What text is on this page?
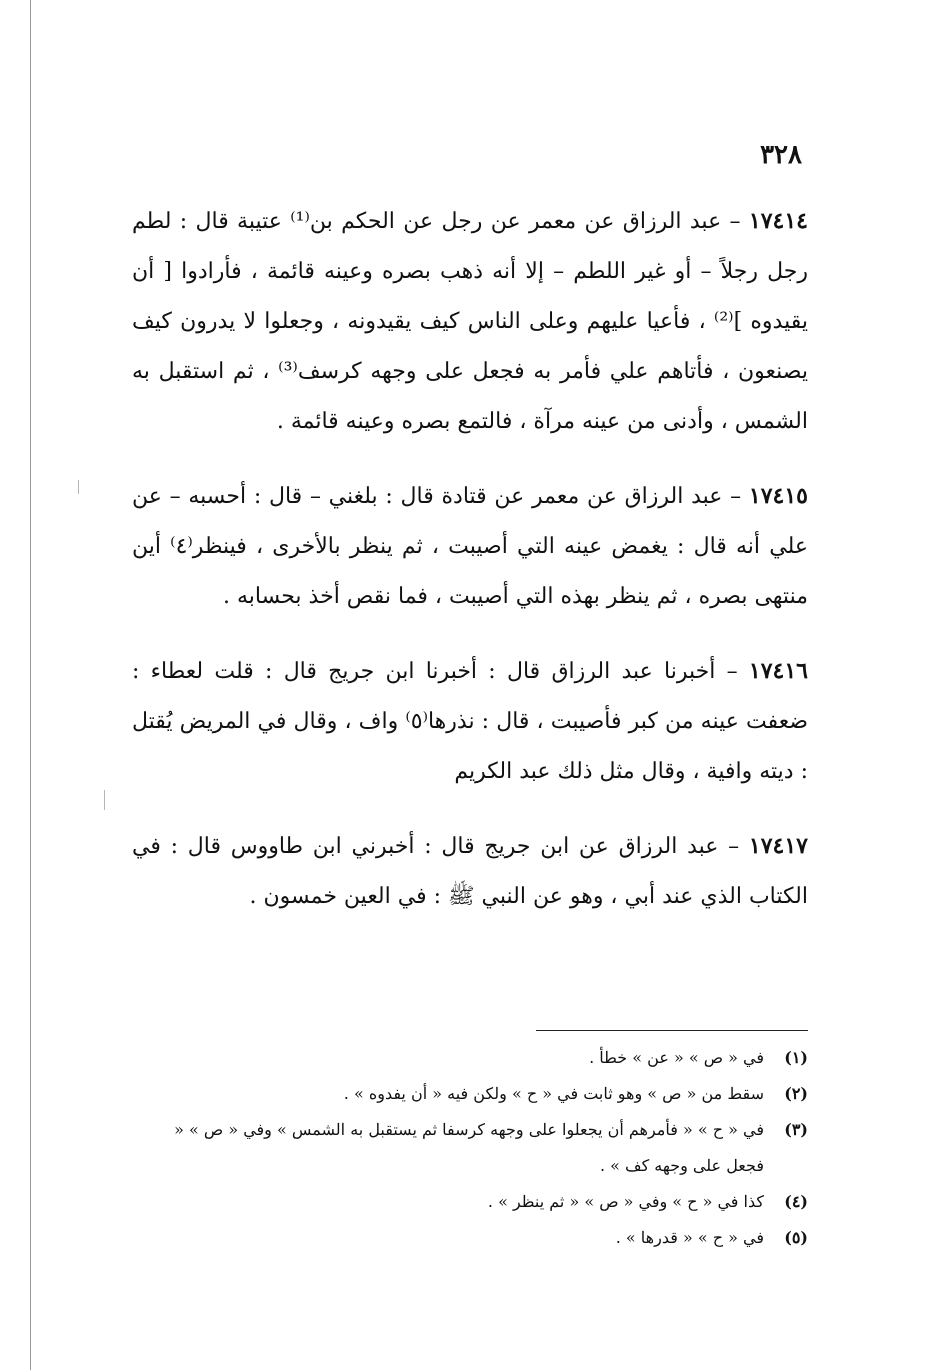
٣٢٨

١٧٤١٤ – عبد الرزاق عن معمر عن رجل عن الحكم بن⁽¹⁾ عتيبة قال : لطم رجل رجلاً – أو غير اللطم – إلا أنه ذهب بصره وعينه قائمة ، فأرادوا [ أن يقيدوه ]⁽²⁾ ، فأعيا عليهم وعلى الناس كيف يقيدونه ، وجعلوا لا يدرون كيف يصنعون ، فأتاهم علي فأمر به فجعل على وجهه كرسف⁽³⁾ ، ثم استقبل به الشمس ، وأدنى من عينه مرآة ، فالتمع بصره وعينه قائمة .

١٧٤١٥ – عبد الرزاق عن معمر عن قتادة قال : بلغني – قال : أحسبه – عن علي أنه قال : يغمض عينه التي أصيبت ، ثم ينظر بالأخرى ، فينظر⁽٤⁾ أين منتهى بصره ، ثم ينظر بهذه التي أصيبت ، فما نقص أخذ بحسابه .

١٧٤١٦ – أخبرنا عبد الرزاق قال : أخبرنا ابن جريج قال : قلت لعطاء : ضعفت عينه من كبر فأصيبت ، قال : نذرها⁽٥⁾ واف ، وقال في المريض يُقتل : ديته وافية ، وقال مثل ذلك عبد الكريم

١٧٤١٧ – عبد الرزاق عن ابن جريج قال : أخبرني ابن طاووس قال : في الكتاب الذي عند أبي ، وهو عن النبي ﷺ : في العين خمسون .

(١)في « ص » « عن » خطأ .

(٢)سقط من « ص » وهو ثابت في « ح » ولكن فيه « أن يفدوه » .

(٣)في « ح » « فأمرهم أن يجعلوا على وجهه كرسفا ثم يستقبل به الشمس » وفي « ص » « فجعل على وجهه كف » .

(٤)كذا في « ح » وفي « ص » « ثم ينظر » .

(٥)في « ح » « قدرها » .
